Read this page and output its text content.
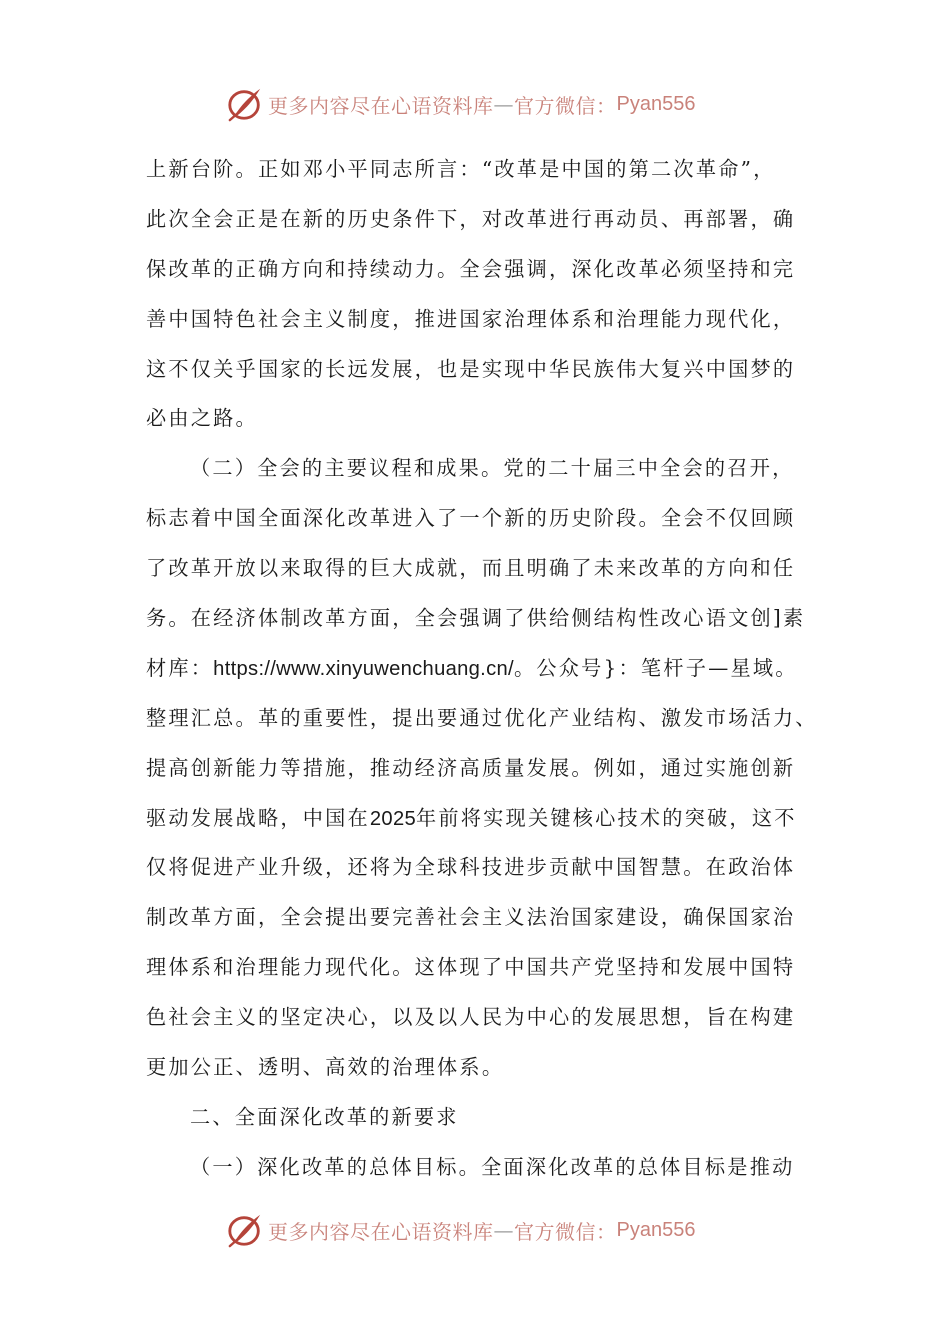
更多内容尽在心语资料库 — 官方微信： Pyan556
上新台阶。正如邓小平同志所言：“改革是中国的第二次革命”，
此次全会正是在新的历史条件下，对改革进行再动员、再部署，确
保改革的正确方向和持续动力。全会强调，深化改革必须坚持和完
善中国特色社会主义制度，推进国家治理体系和治理能力现代化，
这不仅关乎国家的长远发展，也是实现中华民族伟大复兴中国梦的
必由之路。
（二）全会的主要议程和成果。党的二十届三中全会的召开，
标志着中国全面深化改革进入了一个新的历史阶段。全会不仅回顾
了改革开放以来取得的巨大成就，而且明确了未来改革的方向和任
务。在经济体制改革方面，全会强调了供给侧结构性改心语文创]素
材库：https://www.xinyuwenchuang.cn/。公众号}：笔杆子—星域。
整理汇总。革的重要性，提出要通过优化产业结构、激发市场活力、
提高创新能力等措施，推动经济高质量发展。例如，通过实施创新
驱动发展战略，中国在2025年前将实现关键核心技术的突破，这不
仅将促进产业升级，还将为全球科技进步贡献中国智慧。在政治体
制改革方面，全会提出要完善社会主义法治国家建设，确保国家治
理体系和治理能力现代化。这体现了中国共产党坚持和发展中国特
色社会主义的坚定决心，以及以人民为中心的发展思想，旨在构建
更加公正、透明、高效的治理体系。
二、全面深化改革的新要求
（一）深化改革的总体目标。全面深化改革的总体目标是推动
更多内容尽在心语资料库 — 官方微信： Pyan556
